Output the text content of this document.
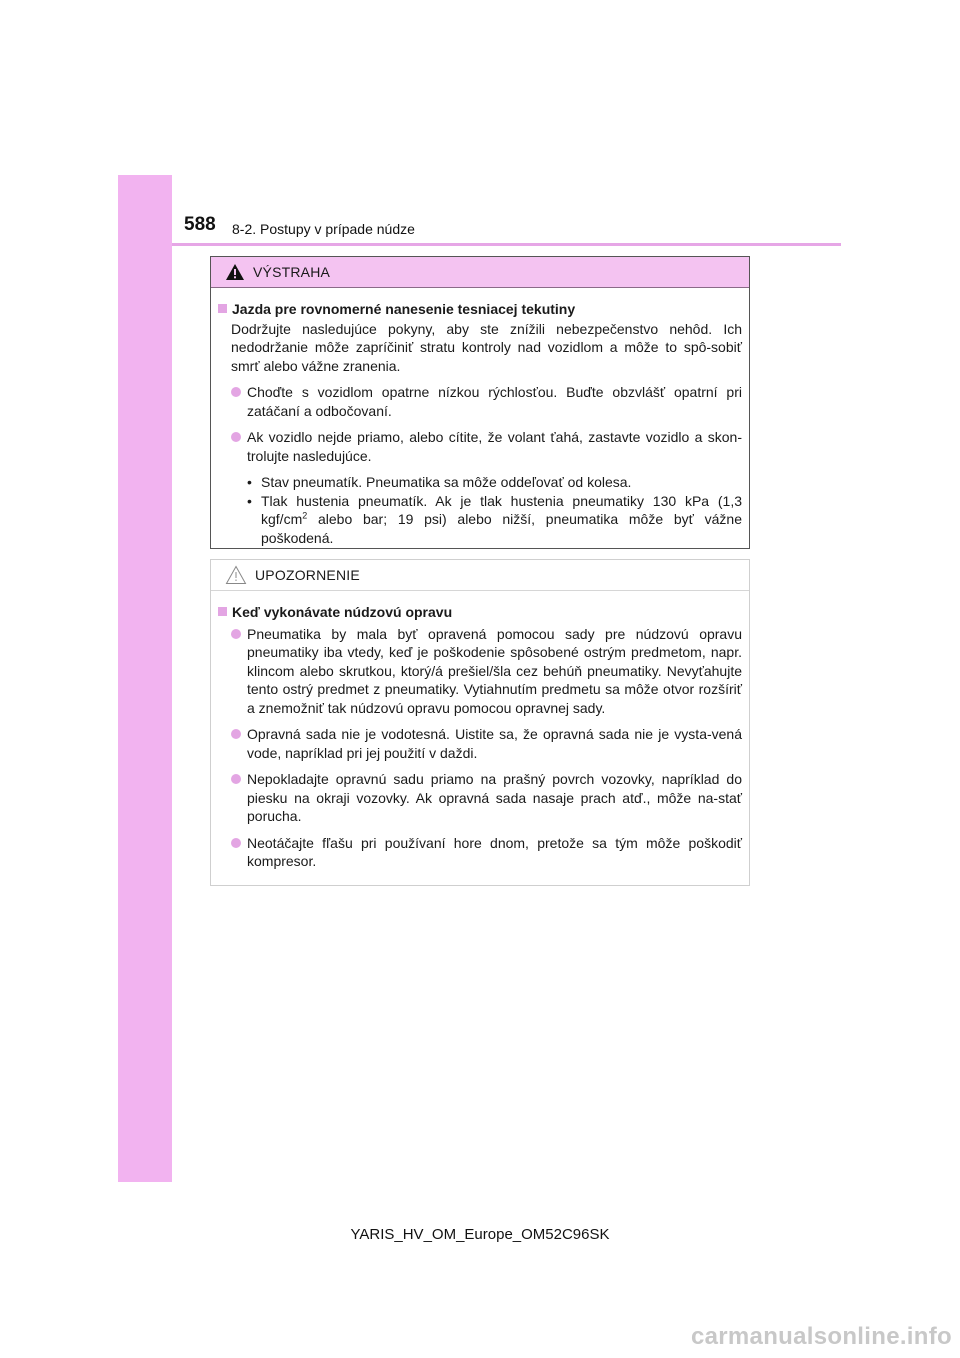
588 8-2. Postupy v prípade núdze
VÝSTRAHA
Jazda pre rovnomerné nanesenie tesniacej tekutiny
Dodržujte nasledujúce pokyny, aby ste znížili nebezpečenstvo nehôd. Ich nedodržanie môže zapríčiniť stratu kontroly nad vozidlom a môže to spô-sobiť smrť alebo vážne zranenia.
Choďte s vozidlom opatrne nízkou rýchlosťou. Buďte obzvlášť opatrní pri zatáčaní a odbočovaní.
Ak vozidlo nejde priamo, alebo cítite, že volant ťahá, zastavte vozidlo a skon-trolujte nasledujúce.
• Stav pneumatík. Pneumatika sa môže oddeľovať od kolesa.
• Tlak hustenia pneumatík. Ak je tlak hustenia pneumatiky 130 kPa (1,3 kgf/$cm^2$ alebo bar; 19 psi) alebo nižší, pneumatika môže byť vážne poškodená.
UPOZORNENIE
Keď vykonávate núdzovú opravu
Pneumatika by mala byť opravená pomocou sady pre núdzovú opravu pneumatiky iba vtedy, keď je poškodenie spôsobené ostrým predmetom, napr. klincom alebo skrutkou, ktorý/á prešiel/šla cez behúň pneumatiky. Nevyťahujte tento ostrý predmet z pneumatiky. Vytiahnutím predmetu sa môže otvor rozšíriť a znemožniť tak núdzovú opravu pomocou opravnej sady.
Opravná sada nie je vodotesná. Uistite sa, že opravná sada nie je vysta-vená vode, napríklad pri jej použití v daždi.
Nepokladajte opravnú sadu priamo na prašný povrch vozovky, napríklad do piesku na okraji vozovky. Ak opravná sada nasaje prach atď., môže na-stať porucha.
Neotáčajte fľašu pri používaní hore dnom, pretože sa tým môže poškodiť kompresor.
YARIS_HV_OM_Europe_OM52C96SK
carmanualsonline.info
